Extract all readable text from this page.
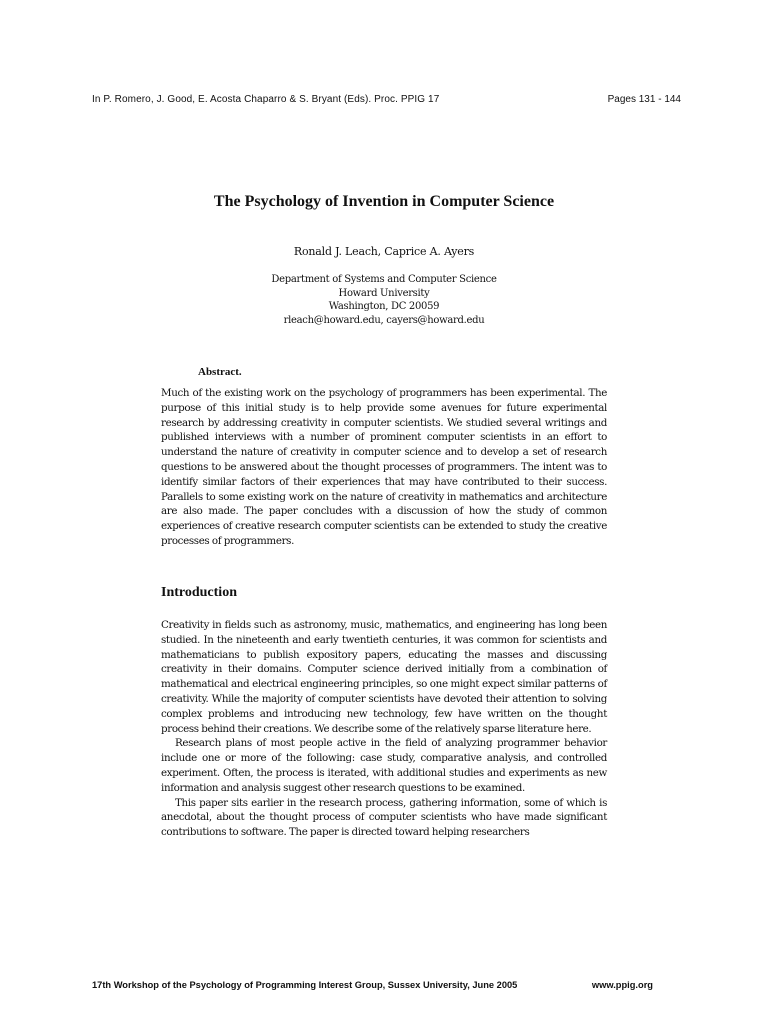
In P. Romero, J. Good, E. Acosta Chaparro & S. Bryant (Eds). Proc. PPIG 17	Pages 131 - 144
The Psychology of Invention in Computer Science
Ronald J. Leach, Caprice A. Ayers
Department of Systems and Computer Science
Howard University
Washington, DC 20059
rleach@howard.edu, cayers@howard.edu
Abstract.
Much of the existing work on the psychology of programmers has been experimental. The purpose of this initial study is to help provide some avenues for future experimental research by addressing creativity in computer scientists. We studied several writings and published interviews with a number of prominent computer scientists in an effort to understand the nature of creativity in computer science and to develop a set of research questions to be answered about the thought processes of programmers. The intent was to identify similar factors of their experiences that may have contributed to their success. Parallels to some existing work on the nature of creativity in mathematics and architecture are also made. The paper concludes with a discussion of how the study of common experiences of creative research computer scientists can be extended to study the creative processes of programmers.
Introduction

Creativity in fields such as astronomy, music, mathematics, and engineering has long been studied. In the nineteenth and early twentieth centuries, it was common for scientists and mathematicians to publish expository papers, educating the masses and discussing creativity in their domains. Computer science derived initially from a combination of mathematical and electrical engineering principles, so one might expect similar patterns of creativity. While the majority of computer scientists have devoted their attention to solving complex problems and introducing new technology, few have written on the thought process behind their creations. We describe some of the relatively sparse literature here.

Research plans of most people active in the field of analyzing programmer behavior include one or more of the following: case study, comparative analysis, and controlled experiment. Often, the process is iterated, with additional studies and experiments as new information and analysis suggest other research questions to be examined.

This paper sits earlier in the research process, gathering information, some of which is anecdotal, about the thought process of computer scientists who have made significant contributions to software. The paper is directed toward helping researchers

17th Workshop of the Psychology of Programming Interest Group, Sussex University, June 2005	www.ppig.org
